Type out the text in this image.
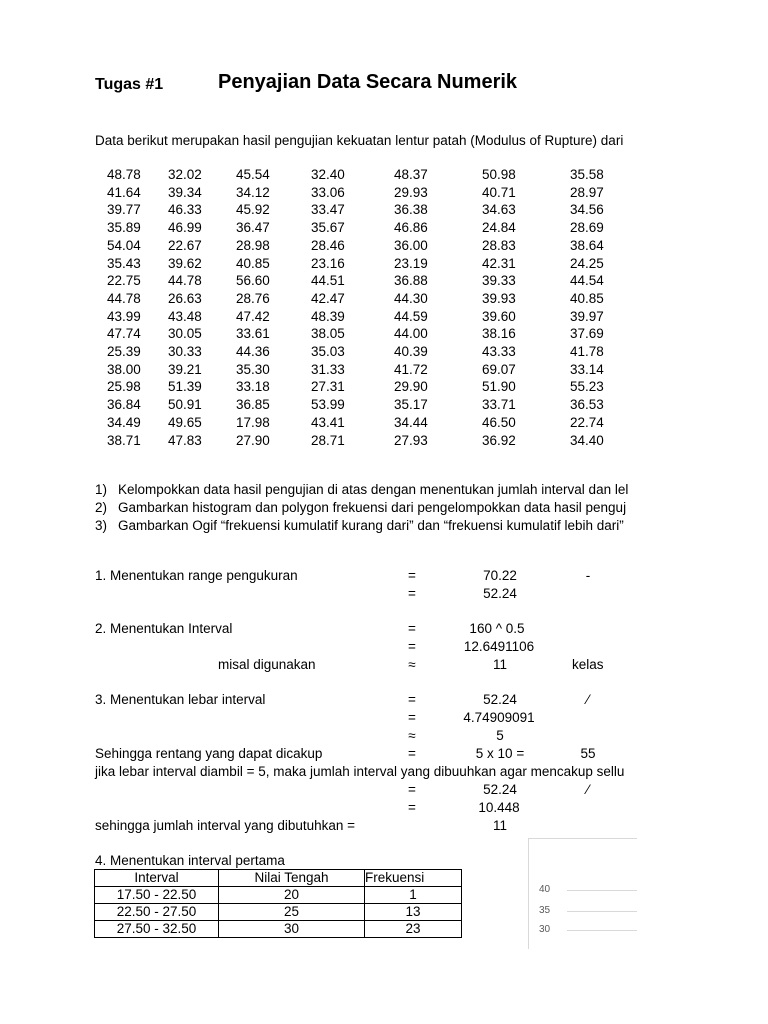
Tugas #1	Penyajian Data Secara Numerik
Data berikut merupakan hasil pengujian kekuatan lentur patah (Modulus of Rupture) dari
48.78 32.02	45.54	32.40	48.37	50.98	35.58
41.64 39.34	34.12	33.06	29.93	40.71	28.97
39.77 46.33	45.92	33.47	36.38	34.63	34.56
35.89 46.99	36.47	35.67	46.86	24.84	28.69
54.04 22.67	28.98	28.46	36.00	28.83	38.64
35.43 39.62	40.85	23.16	23.19	42.31	24.25
22.75 44.78	56.60	44.51	36.88	39.33	44.54
44.78 26.63	28.76	42.47	44.30	39.93	40.85
43.99 43.48	47.42	48.39	44.59	39.60	39.97
47.74 30.05	33.61	38.05	44.00	38.16	37.69
25.39 30.33	44.36	35.03	40.39	43.33	41.78
38.00 39.21	35.30	31.33	41.72	69.07	33.14
25.98 51.39	33.18	27.31	29.90	51.90	55.23
36.84 50.91	36.85	53.99	35.17	33.71	36.53
34.49 49.65	17.98	43.41	34.44	46.50	22.74
38.71 47.83	27.90	28.71	27.93	36.92	34.40
1) Kelompokkan data hasil pengujian di atas dengan menentukan jumlah interval dan lel
2) Gambarkan histogram dan polygon frekuensi dari pengelompokkan data hasil penguj
3) Gambarkan Ogif “frekuensi kumulatif kurang dari” dan “frekuensi kumulatif lebih dari”
1. Menentukan range pengukuran	=	70.22	-
=	52.24
2. Menentukan Interval	=	160 ^ 0.5
=	12.6491106
misal digunakan	≈	11	kelas
3. Menentukan lebar interval	=	52.24	⁄
=	4.74909091
≈	5
Sehingga rentang yang dapat dicakup	=	5 x 10 =	55
jika lebar interval diambil = 5, maka jumlah interval yang dibuuhkan agar mencakup sellu
=	52.24	⁄
=	10.448
sehingga jumlah interval yang dibutuhkan =	11
4. Menentukan interval pertama
Interval	Nilai Tengah	Frekuensi
17.50 - 22.50	20	1
22.50 - 27.50	25	13
27.50 - 32.50	30	23
40
35
30
